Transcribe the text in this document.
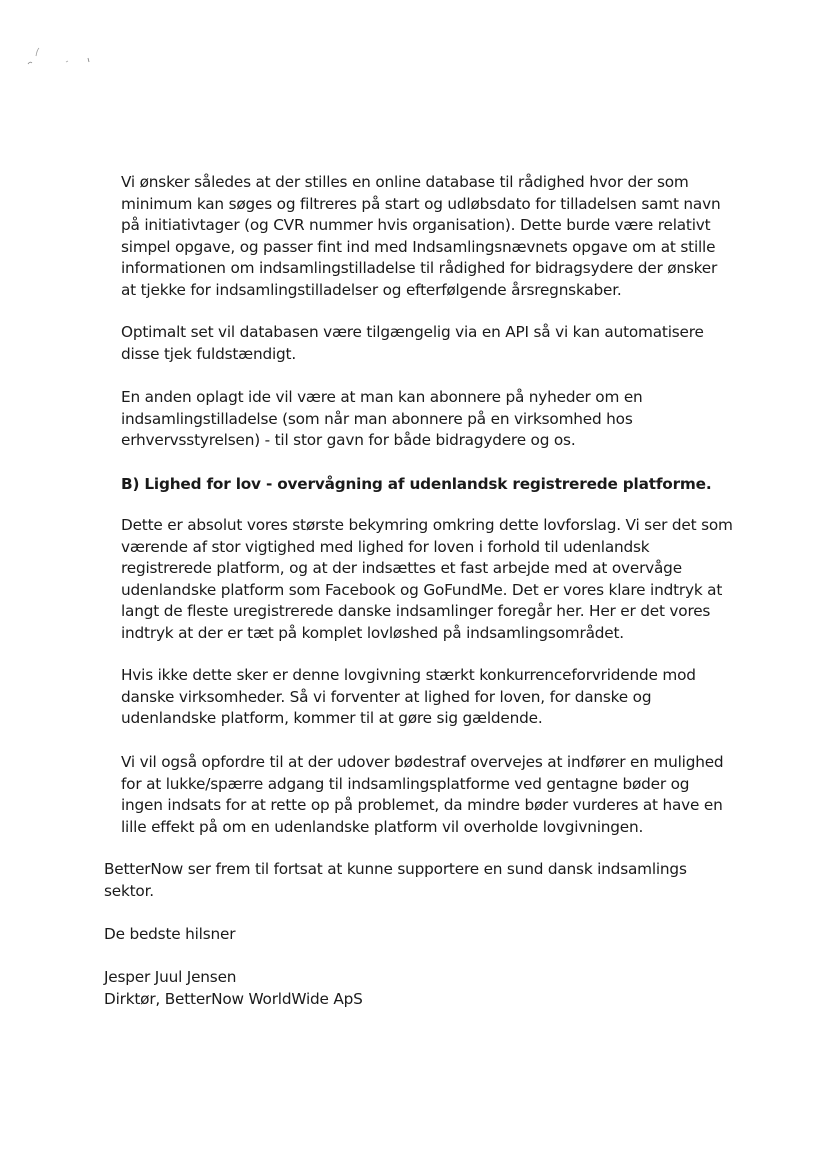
Vi ønsker således at der stilles en online database til rådighed hvor der som
minimum kan søges og filtreres på start og udløbsdato for tilladelsen samt navn
på initiativtager (og CVR nummer hvis organisation). Dette burde være relativt
simpel opgave, og passer fint ind med Indsamlingsnævnets opgave om at stille
informationen om indsamlingstilladelse til rådighed for bidragsydere der ønsker
at tjekke for indsamlingstilladelser og efterfølgende årsregnskaber.
Optimalt set vil databasen være tilgængelig via en API så vi kan automatisere
disse tjek fuldstændigt.
En anden oplagt ide vil være at man kan abonnere på nyheder om en
indsamlingstilladelse (som når man abonnere på en virksomhed hos
erhvervsstyrelsen) - til stor gavn for både bidragydere og os.
B) Lighed for lov - overvågning af udenlandsk registrerede platforme.
Dette er absolut vores største bekymring omkring dette lovforslag. Vi ser det som
værende af stor vigtighed med lighed for loven i forhold til udenlandsk
registrerede platform, og at der indsættes et fast arbejde med at overvåge
udenlandske platform som Facebook og GoFundMe. Det er vores klare indtryk at
langt de fleste uregistrerede danske indsamlinger foregår her. Her er det vores
indtryk at der er tæt på komplet lovløshed på indsamlingsområdet.
Hvis ikke dette sker er denne lovgivning stærkt konkurrenceforvridende mod
danske virksomheder. Så vi forventer at lighed for loven, for danske og
udenlandske platform, kommer til at gøre sig gældende.
Vi vil også opfordre til at der udover bødestraf overvejes at indfører en mulighed
for at lukke/spærre adgang til indsamlingsplatforme ved gentagne bøder og
ingen indsats for at rette op på problemet, da mindre bøder vurderes at have en
lille effekt på om en udenlandske platform vil overholde lovgivningen.
BetterNow ser frem til fortsat at kunne supportere en sund dansk indsamlings
sektor.
De bedste hilsner
Jesper Juul Jensen
Dirktør, BetterNow WorldWide ApS
